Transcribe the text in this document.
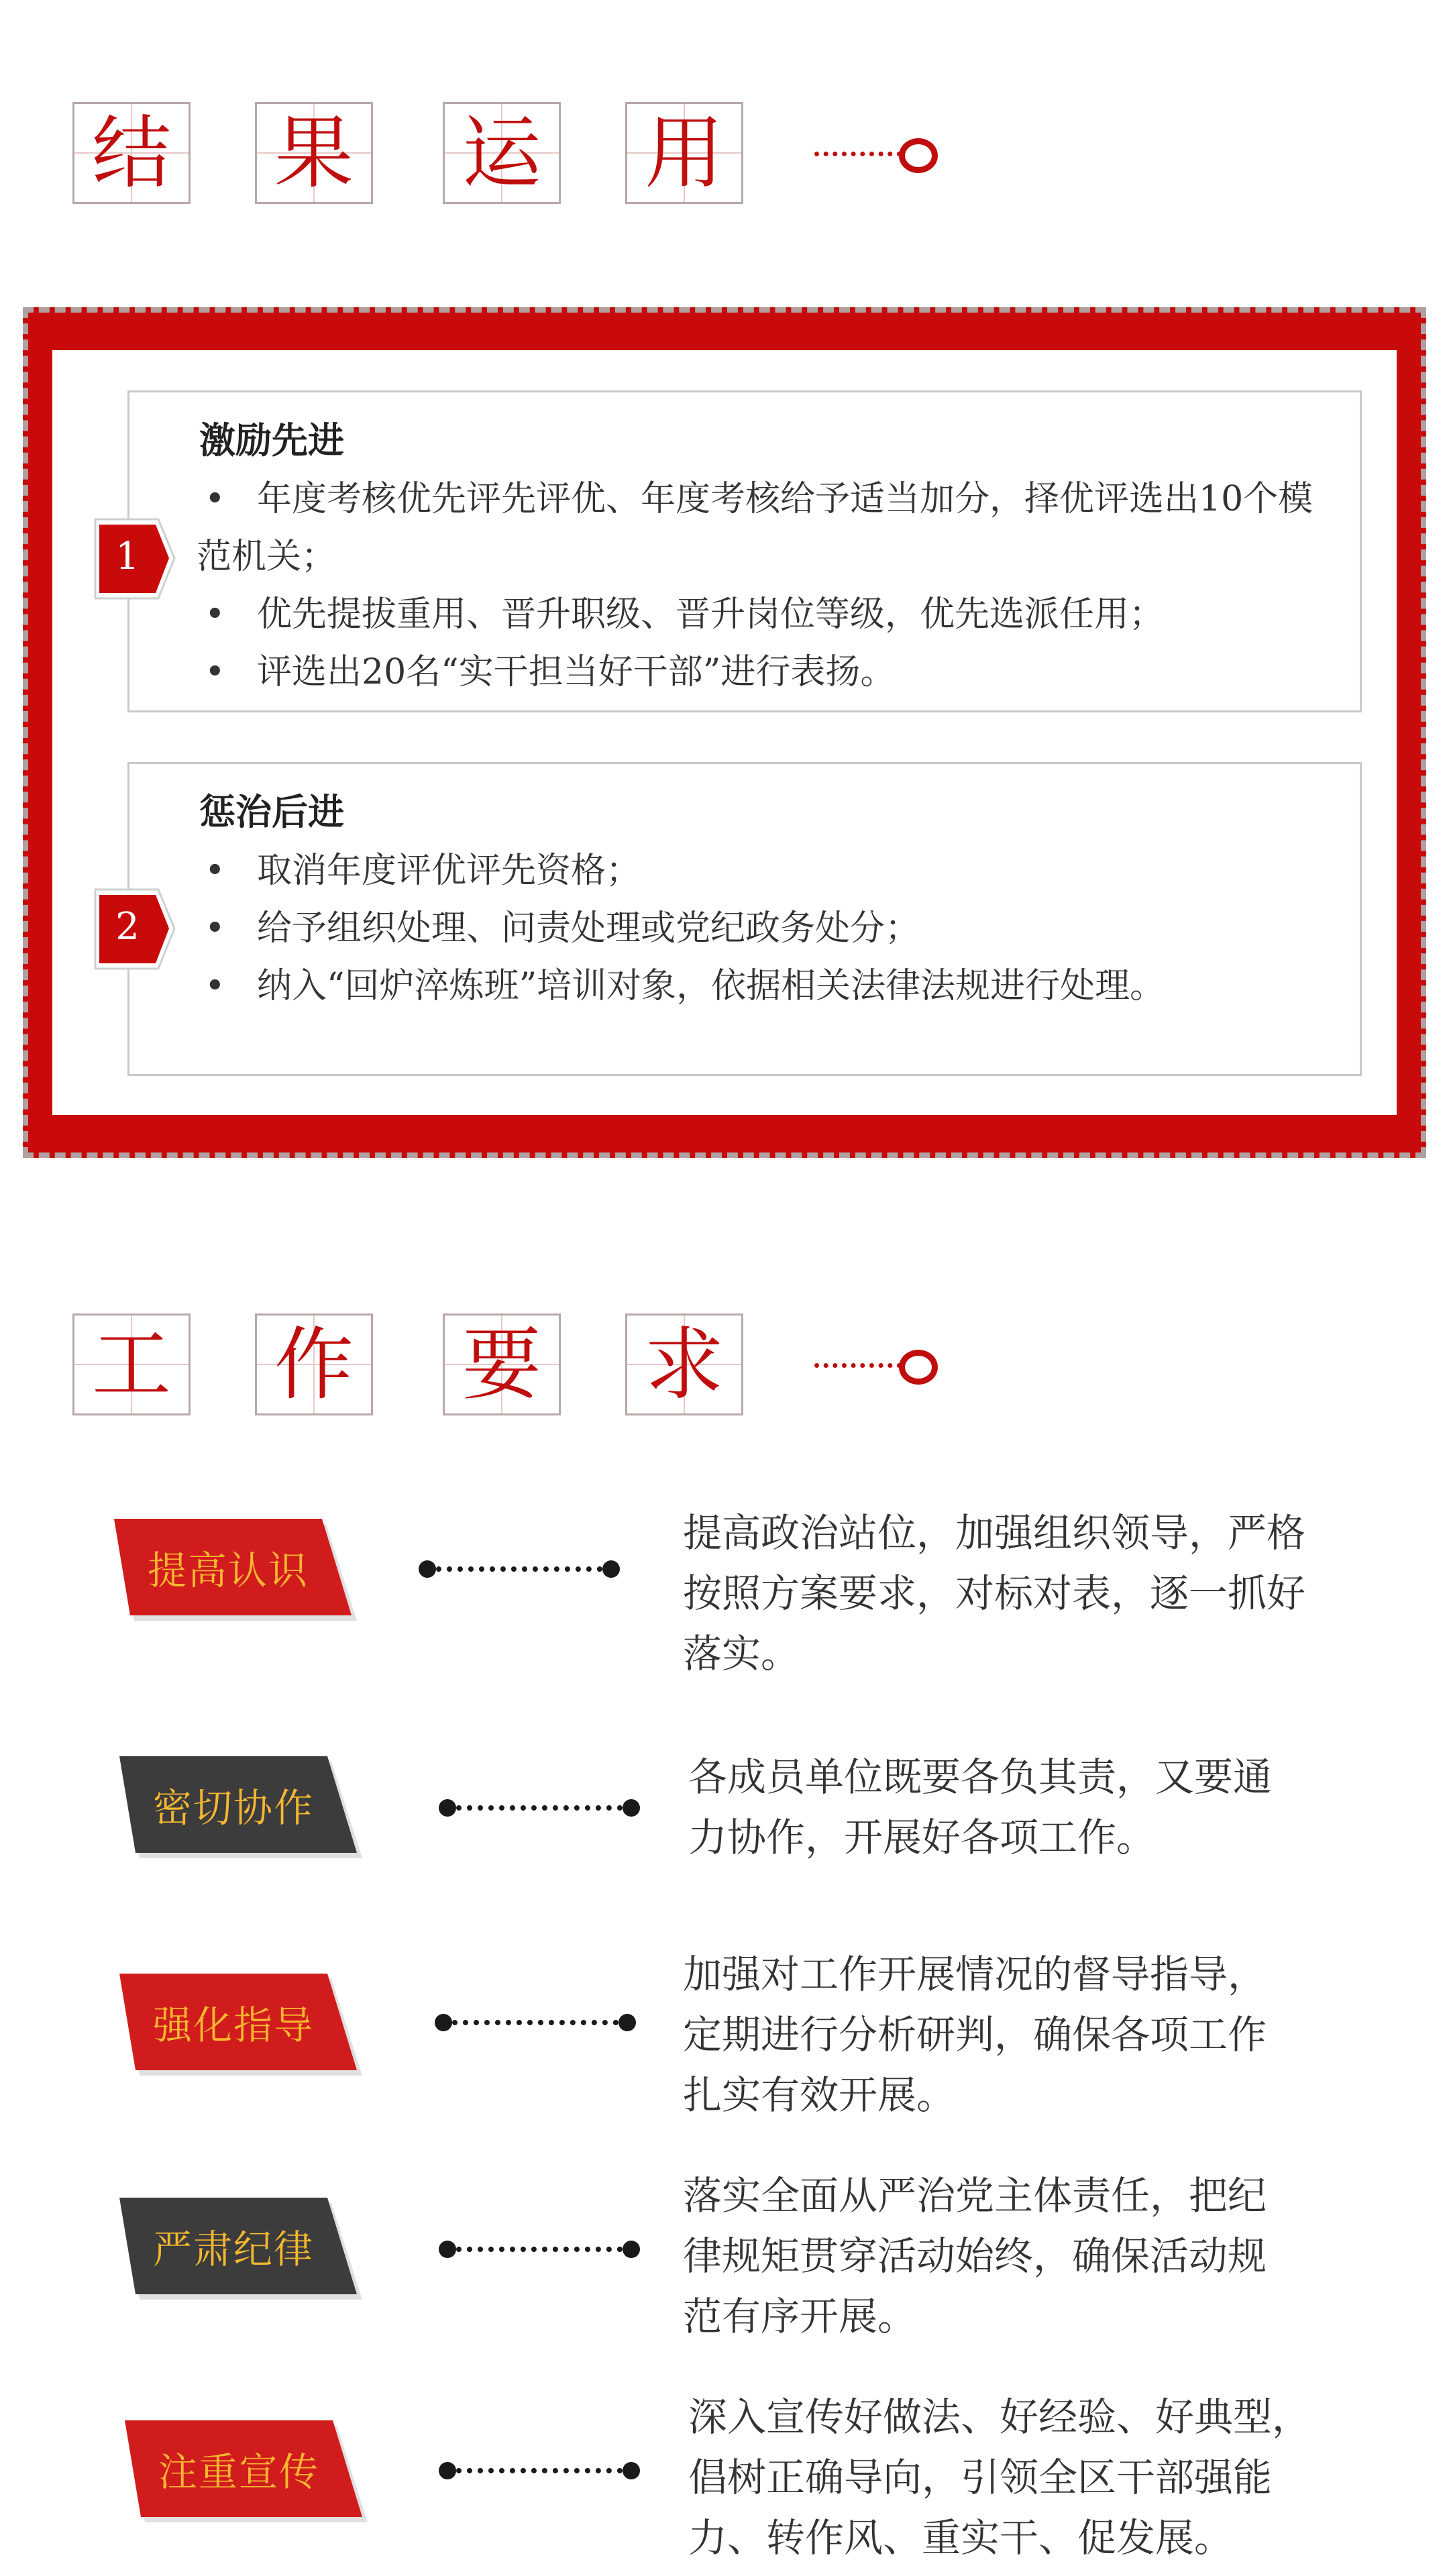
结 果 运 用
激励先进
• 年度考核优先评先评优、年度考核给予适当加分，择优评选出10个模范机关；
• 优先提拔重用、晋升职级、晋升岗位等级，优先选派任用；
• 评选出20名“实干担当好干部”进行表扬。
1
惩治后进
• 取消年度评优评先资格；
• 给予组织处理、问责处理或党纪政务处分；
• 纳入“回炉淬炼班”培训对象，依据相关法律法规进行处理。
2
工 作 要 求
提高认识
提高政治站位，加强组织领导，严格
按照方案要求，对标对表，逐一抓好
落实。
密切协作
各成员单位既要各负其责，又要通
力协作，开展好各项工作。
强化指导
加强对工作开展情况的督导指导，
定期进行分析研判，确保各项工作
扎实有效开展。
严肃纪律
落实全面从严治党主体责任，把纪
律规矩贯穿活动始终，确保活动规
范有序开展。
注重宣传
深入宣传好做法、好经验、好典型，
倡树正确导向，引领全区干部强能
力、转作风、重实干、促发展。
